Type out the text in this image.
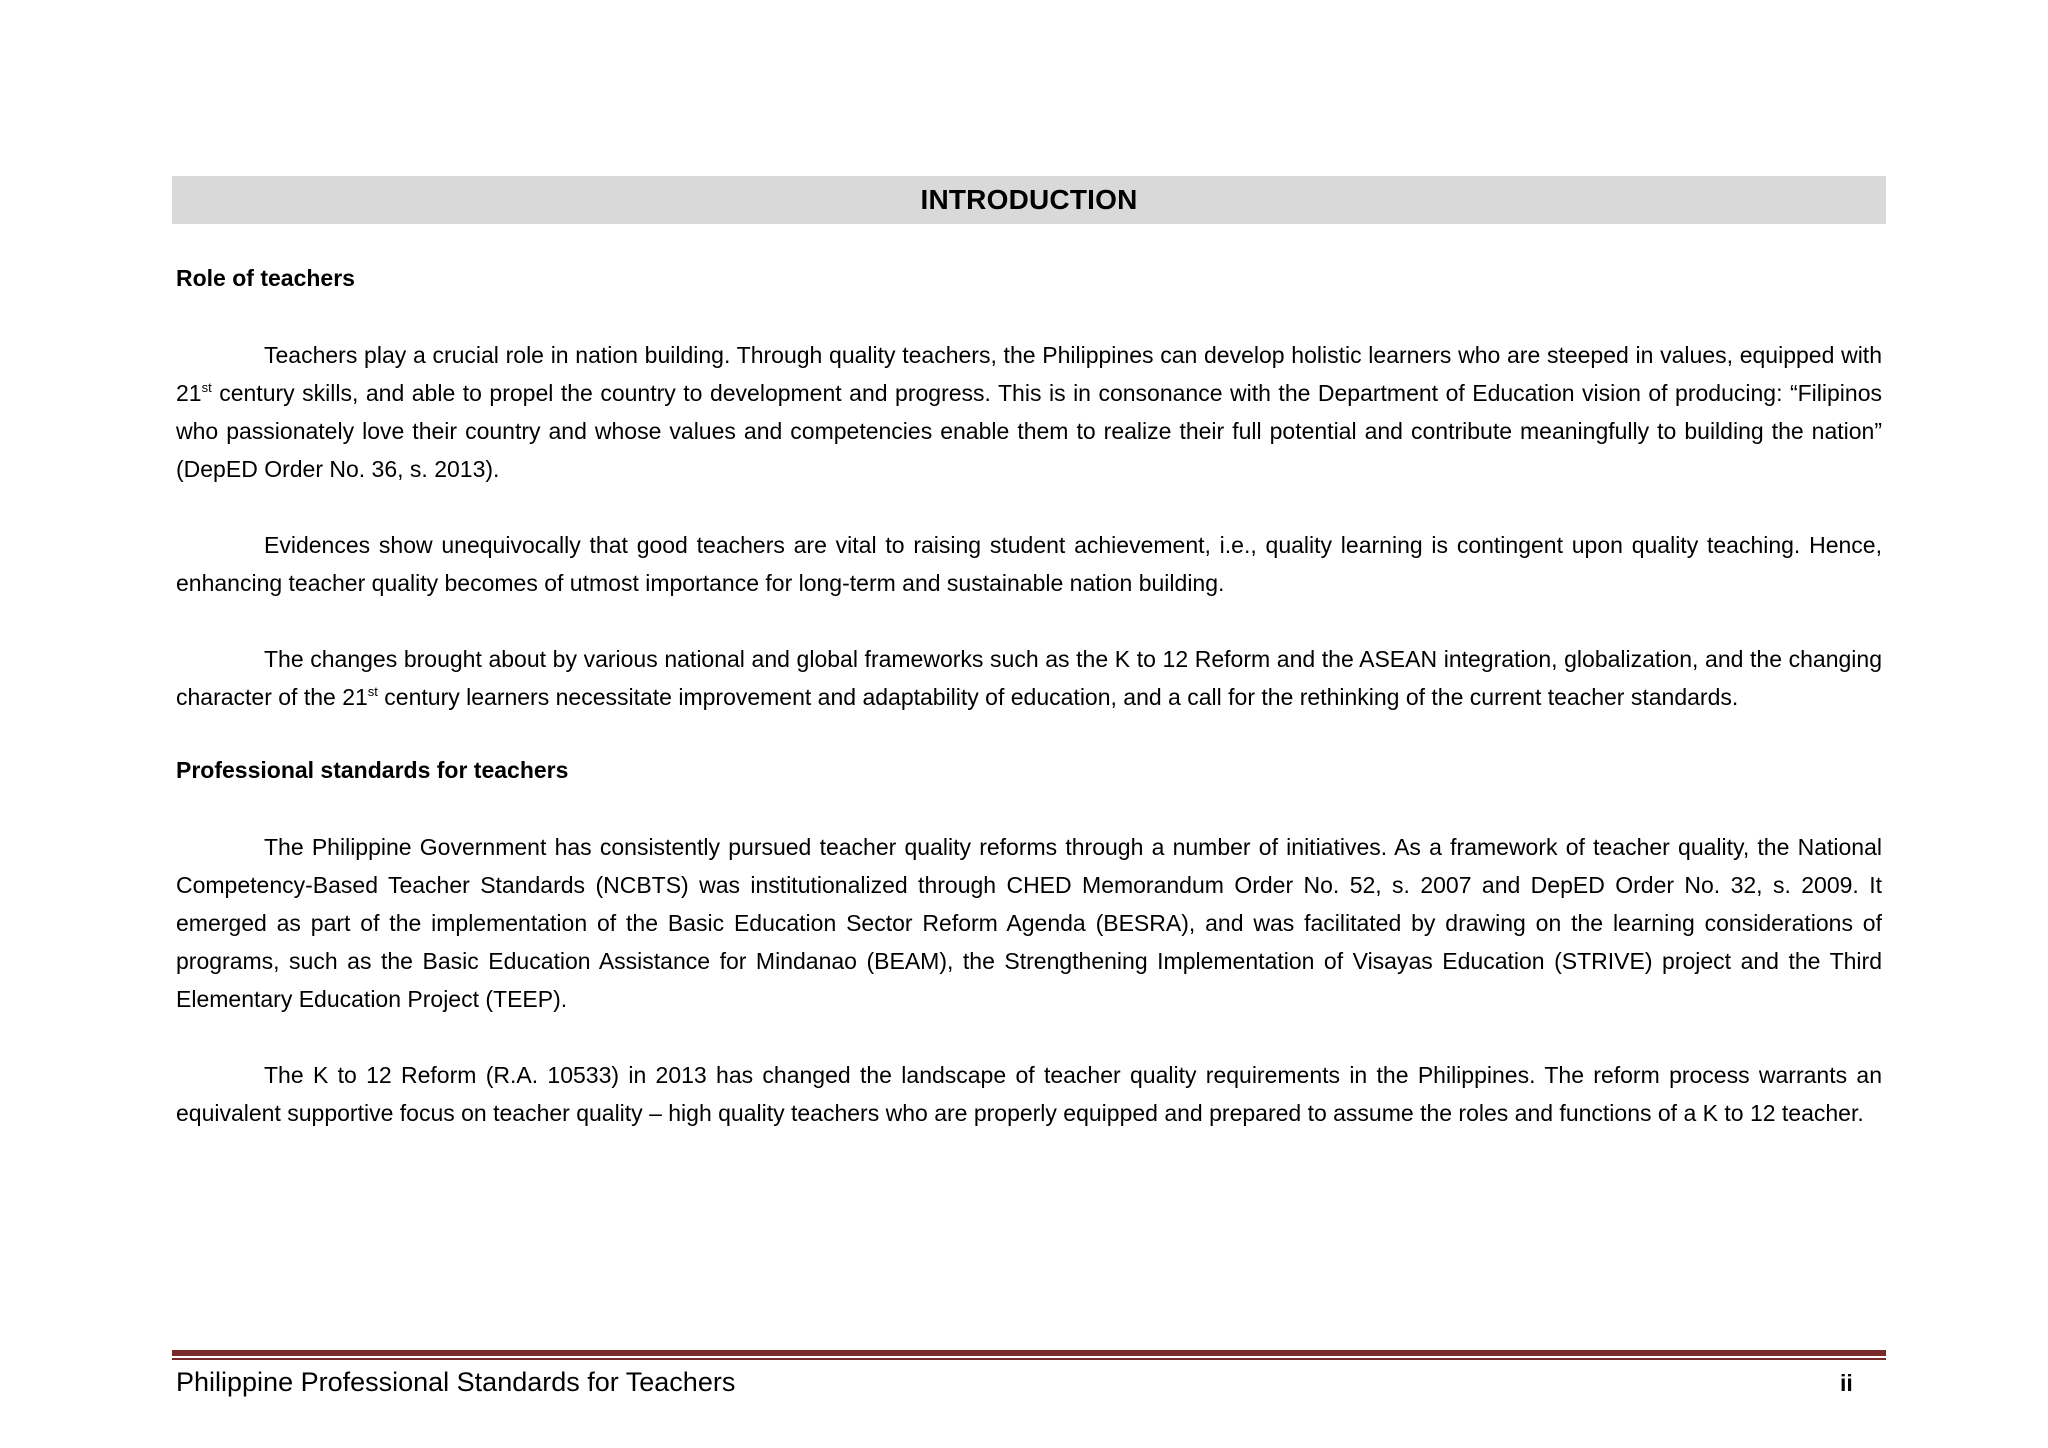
INTRODUCTION
Role of teachers

Teachers play a crucial role in nation building. Through quality teachers, the Philippines can develop holistic learners who are steeped in values, equipped with 21st century skills, and able to propel the country to development and progress. This is in consonance with the Department of Education vision of producing: “Filipinos who passionately love their country and whose values and competencies enable them to realize their full potential and contribute meaningfully to building the nation” (DepED Order No. 36, s. 2013).

Evidences show unequivocally that good teachers are vital to raising student achievement, i.e., quality learning is contingent upon quality teaching. Hence, enhancing teacher quality becomes of utmost importance for long-term and sustainable nation building.

The changes brought about by various national and global frameworks such as the K to 12 Reform and the ASEAN integration, globalization, and the changing character of the 21st century learners necessitate improvement and adaptability of education, and a call for the rethinking of the current teacher standards.

Professional standards for teachers

The Philippine Government has consistently pursued teacher quality reforms through a number of initiatives. As a framework of teacher quality, the National Competency-Based Teacher Standards (NCBTS) was institutionalized through CHED Memorandum Order No. 52, s. 2007 and DepED Order No. 32, s. 2009. It emerged as part of the implementation of the Basic Education Sector Reform Agenda (BESRA), and was facilitated by drawing on the learning considerations of programs, such as the Basic Education Assistance for Mindanao (BEAM), the Strengthening Implementation of Visayas Education (STRIVE) project and the Third Elementary Education Project (TEEP).

The K to 12 Reform (R.A. 10533) in 2013 has changed the landscape of teacher quality requirements in the Philippines. The reform process warrants an equivalent supportive focus on teacher quality – high quality teachers who are properly equipped and prepared to assume the roles and functions of a K to 12 teacher.

Philippine Professional Standards for Teachers	ii
